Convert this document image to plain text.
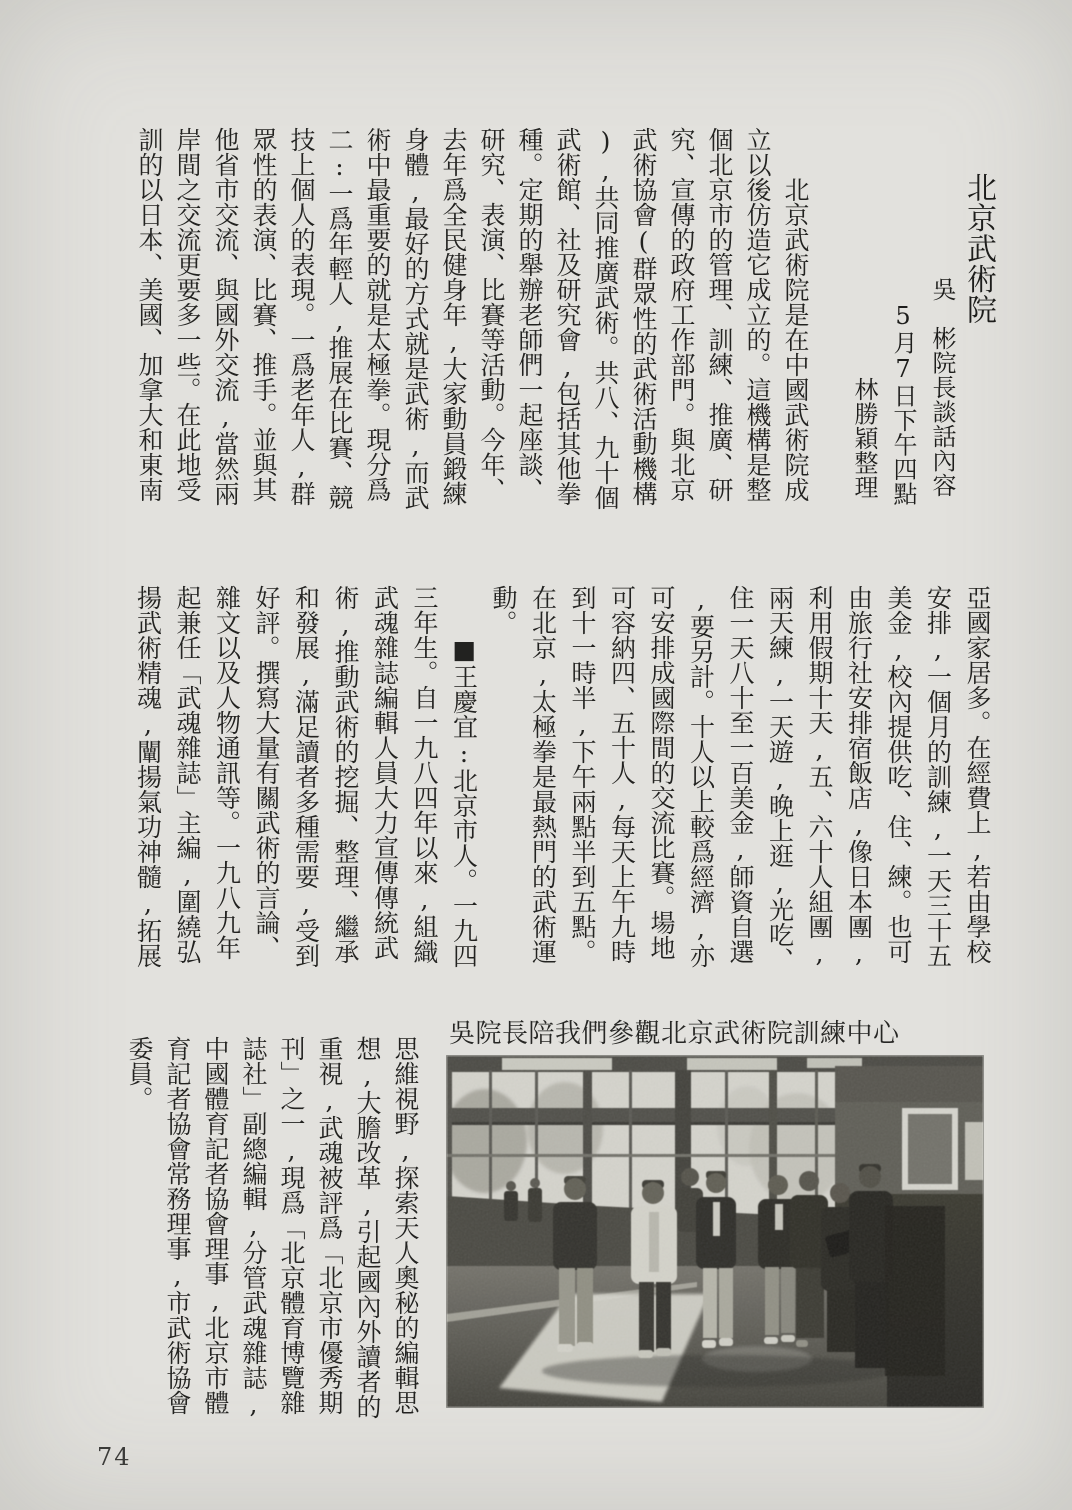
北京武術院
吳　彬院長談話內容
5月7日下午四點
林勝穎整理
　　北京武術院是在中國武術院成
立以後仿造它成立的。這機構是整
個北京市的管理、訓練、推廣、研
究、宣傳的政府工作部門。與北京
武術協會(群眾性的武術活動機構
),共同推廣武術。共八、九十個
武術館、社及研究會,包括其他拳
種。定期的舉辦老師們一起座談、
研究、表演、比賽等活動。今年、
去年爲全民健身年,大家動員鍛練
身體,最好的方式就是武術,而武
術中最重要的就是太極拳。現分爲
二:一爲年輕人,推展在比賽、競
技上個人的表現。一爲老年人,群
眾性的表演、比賽、推手。並與其
他省市交流、與國外交流,當然兩
岸間之交流更要多一些。在此地受
訓的以日本、美國、加拿大和東南
亞國家居多。在經費上,若由學校
安排,一個月的訓練,一天三十五
美金,校內提供吃、住、練。也可
由旅行社安排宿飯店,像日本團,
利用假期十天,五、六十人組團,
兩天練,一天遊,晚上逛,光吃、
住一天八十至一百美金,師資自選
,要另計。十人以上較爲經濟,亦
可安排成國際間的交流比賽。場地
可容納四、五十人,每天上午九時
到十一時半,下午兩點半到五點。
在北京,太極拳是最熱門的武術運
動。
　　■王慶宜:北京市人。一九四
三年生。自一九八四年以來,組織
武魂雜誌編輯人員大力宣傳傳統武
術,推動武術的挖掘、整理、繼承
和發展,滿足讀者多種需要,受到
好評。撰寫大量有關武術的言論、
雜文以及人物通訊等。一九八九年
起兼任「武魂雜誌」主編,圍繞弘
揚武術精魂,闡揚氣功神髓,拓展
思維視野,探索天人奧秘的編輯思
想,大膽改革,引起國內外讀者的
重視,武魂被評爲「北京市優秀期
刊」之一,現爲「北京體育博覽雜
誌社」副總編輯,分管武魂雜誌,
中國體育記者協會理事,北京市體
育記者協會常務理事,市武術協會
委員。
吳院長陪我們參觀北京武術院訓練中心
74
